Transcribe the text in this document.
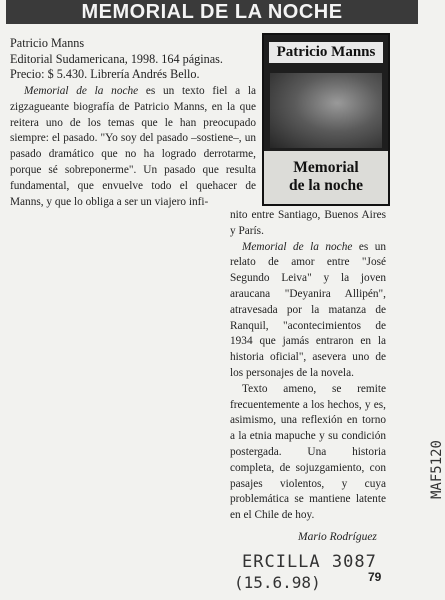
MEMORIAL DE LA NOCHE
Patricio Manns
Editorial Sudamericana, 1998. 164 páginas.
Precio: $ 5.430. Librería Andrés Bello.
Patricio Manns
Memorial
de la noche

Memorial de la noche es un texto fiel a la zigzagueante biografía de Patricio Manns, en la que reitera uno de los temas que le han preocupado siempre: el pasado. "Yo soy del pasado –sostiene–, un pasado dramático que no ha logrado derrotarme, porque sé sobreponerme". Un pasado que resulta fundamental, que envuelve todo el quehacer de Manns, y que lo obliga a ser un viajero infi-

nito entre Santiago, Buenos Aires y París.

Memorial de la noche es un relato de amor entre "José Segundo Leiva" y la joven araucana "Deyanira Allipén", atravesada por la matanza de Ranquil, "acontecimientos de 1934 que jamás entraron en la historia oficial", asevera uno de los personajes de la novela.

Texto ameno, se remite frecuentemente a los hechos, y es, asimismo, una reflexión en torno a la etnia mapuche y su condición postergada. Una historia completa, de sojuzgamiento, con pasajes violentos, y cuya problemática se mantiene latente en el Chile de hoy.

Mario Rodríguez
ERCILLA 3087
(15.6.98)
MAF5120
79
